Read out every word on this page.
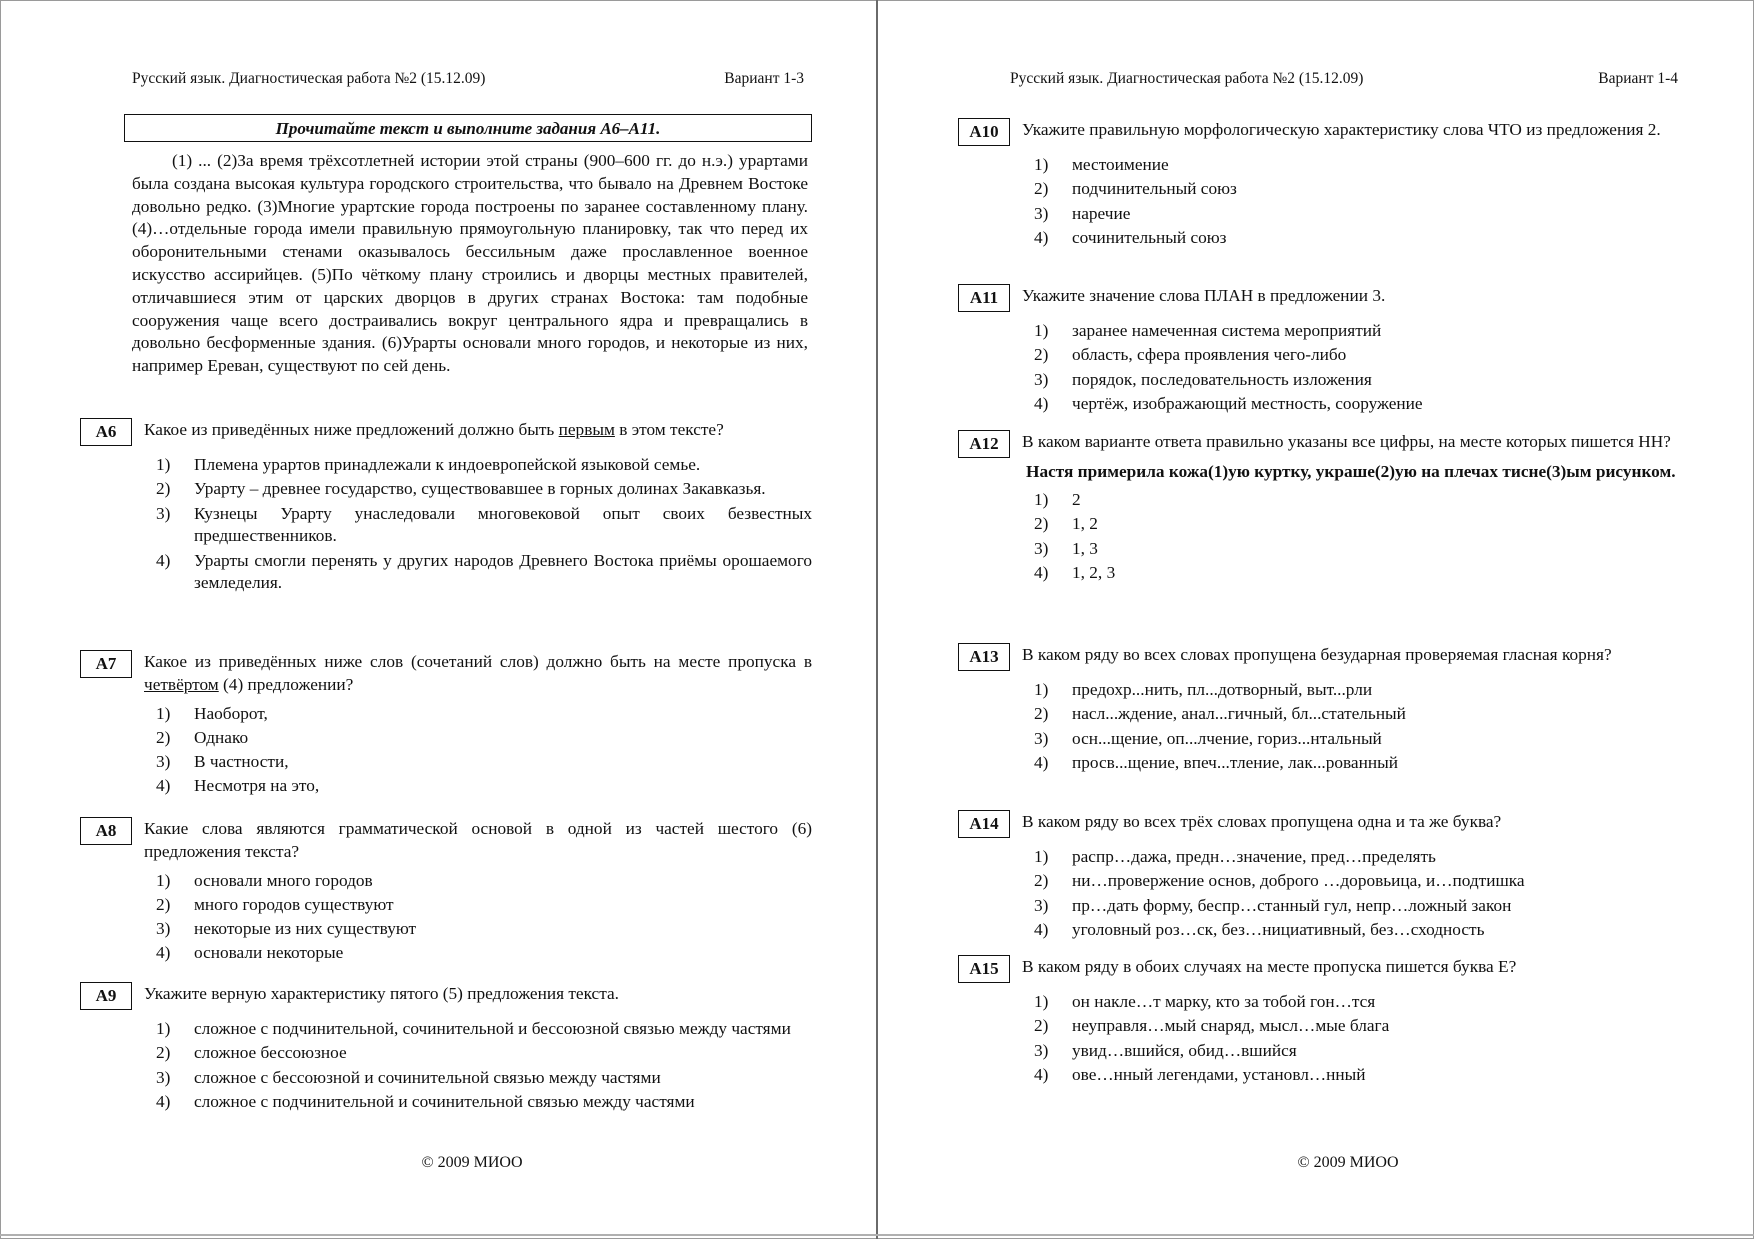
Русский язык. Диагностическая работа №2 (15.12.09)	Вариант 1-3
Прочитайте текст и выполните задания А6–А11.

(1) ... (2)За время трёхсотлетней истории этой страны (900–600 гг. до н.э.) урартами была создана высокая культура городского строительства, что бывало на Древнем Востоке довольно редко. (3)Многие урартские города построены по заранее составленному плану. (4)…отдельные города имели правильную прямоугольную планировку, так что перед их оборонительными стенами оказывалось бессильным даже прославленное военное искусство ассирийцев. (5)По чёткому плану строились и дворцы местных правителей, отличавшиеся этим от царских дворцов в других странах Востока: там подобные сооружения чаще всего достраивались вокруг центрального ядра и превращались в довольно бесформенные здания. (6)Урарты основали много городов, и некоторые из них, например Ереван, существуют по сей день.

А6	Какое из приведённых ниже предложений должно быть первым в этом тексте?
1) Племена урартов принадлежали к индоевропейской языковой семье.
2) Урарту – древнее государство, существовавшее в горных долинах Закавказья.
3) Кузнецы Урарту унаследовали многовековой опыт своих безвестных предшественников.
4) Урарты смогли перенять у других народов Древнего Востока приёмы орошаемого земледелия.
А7	Какое из приведённых ниже слов (сочетаний слов) должно быть на месте пропуска в четвёртом (4) предложении?
1) Наоборот,
2) Однако
3) В частности,
4) Несмотря на это,
А8	Какие слова являются грамматической основой в одной из частей шестого (6) предложения текста?
1) основали много городов
2) много городов существуют
3) некоторые из них существуют
4) основали некоторые
А9	Укажите верную характеристику пятого (5) предложения текста.
1) сложное с подчинительной, сочинительной и бессоюзной связью между частями
2) сложное бессоюзное
3) сложное с бессоюзной и сочинительной связью между частями
4) сложное с подчинительной и сочинительной связью между частями
© 2009 МИОО
Русский язык. Диагностическая работа №2 (15.12.09)	Вариант 1-4
А10	Укажите правильную морфологическую характеристику слова ЧТО из предложения 2.
1) местоимение
2) подчинительный союз
3) наречие
4) сочинительный союз
А11	Укажите значение слова ПЛАН в предложении 3.
1) заранее намеченная система мероприятий
2) область, сфера проявления чего-либо
3) порядок, последовательность изложения
4) чертёж, изображающий местность, сооружение
А12	В каком варианте ответа правильно указаны все цифры, на месте которых пишется НН?
Настя примерила кожа(1)ую куртку, украше(2)ую на плечах тисне(3)ым рисунком.
1) 2
2) 1, 2
3) 1, 3
4) 1, 2, 3
А13	В каком ряду во всех словах пропущена безударная проверяемая гласная корня?
1) предохр...нить, пл...дотворный, выт...рли
2) насл...ждение, анал...гичный, бл...стательный
3) осн...щение, оп...лчение, гориз...нтальный
4) просв...щение, впеч...тление, лак...рованный
А14	В каком ряду во всех трёх словах пропущена одна и та же буква?
1) распр…дажа, предн…значение, пред…пределять
2) ни…провержение основ, доброго …доровьица, и…подтишка
3) пр…дать форму, беспр…станный гул, непр…ложный закон
4) уголовный роз…ск, без…нициативный, без…сходность
А15	В каком ряду в обоих случаях на месте пропуска пишется буква Е?
1) он накле…т марку, кто за тобой гон…тся
2) неуправля…мый снаряд, мысл…мые блага
3) увид…вшийся, обид…вшийся
4) ове…нный легендами, установл…нный
© 2009 МИОО
